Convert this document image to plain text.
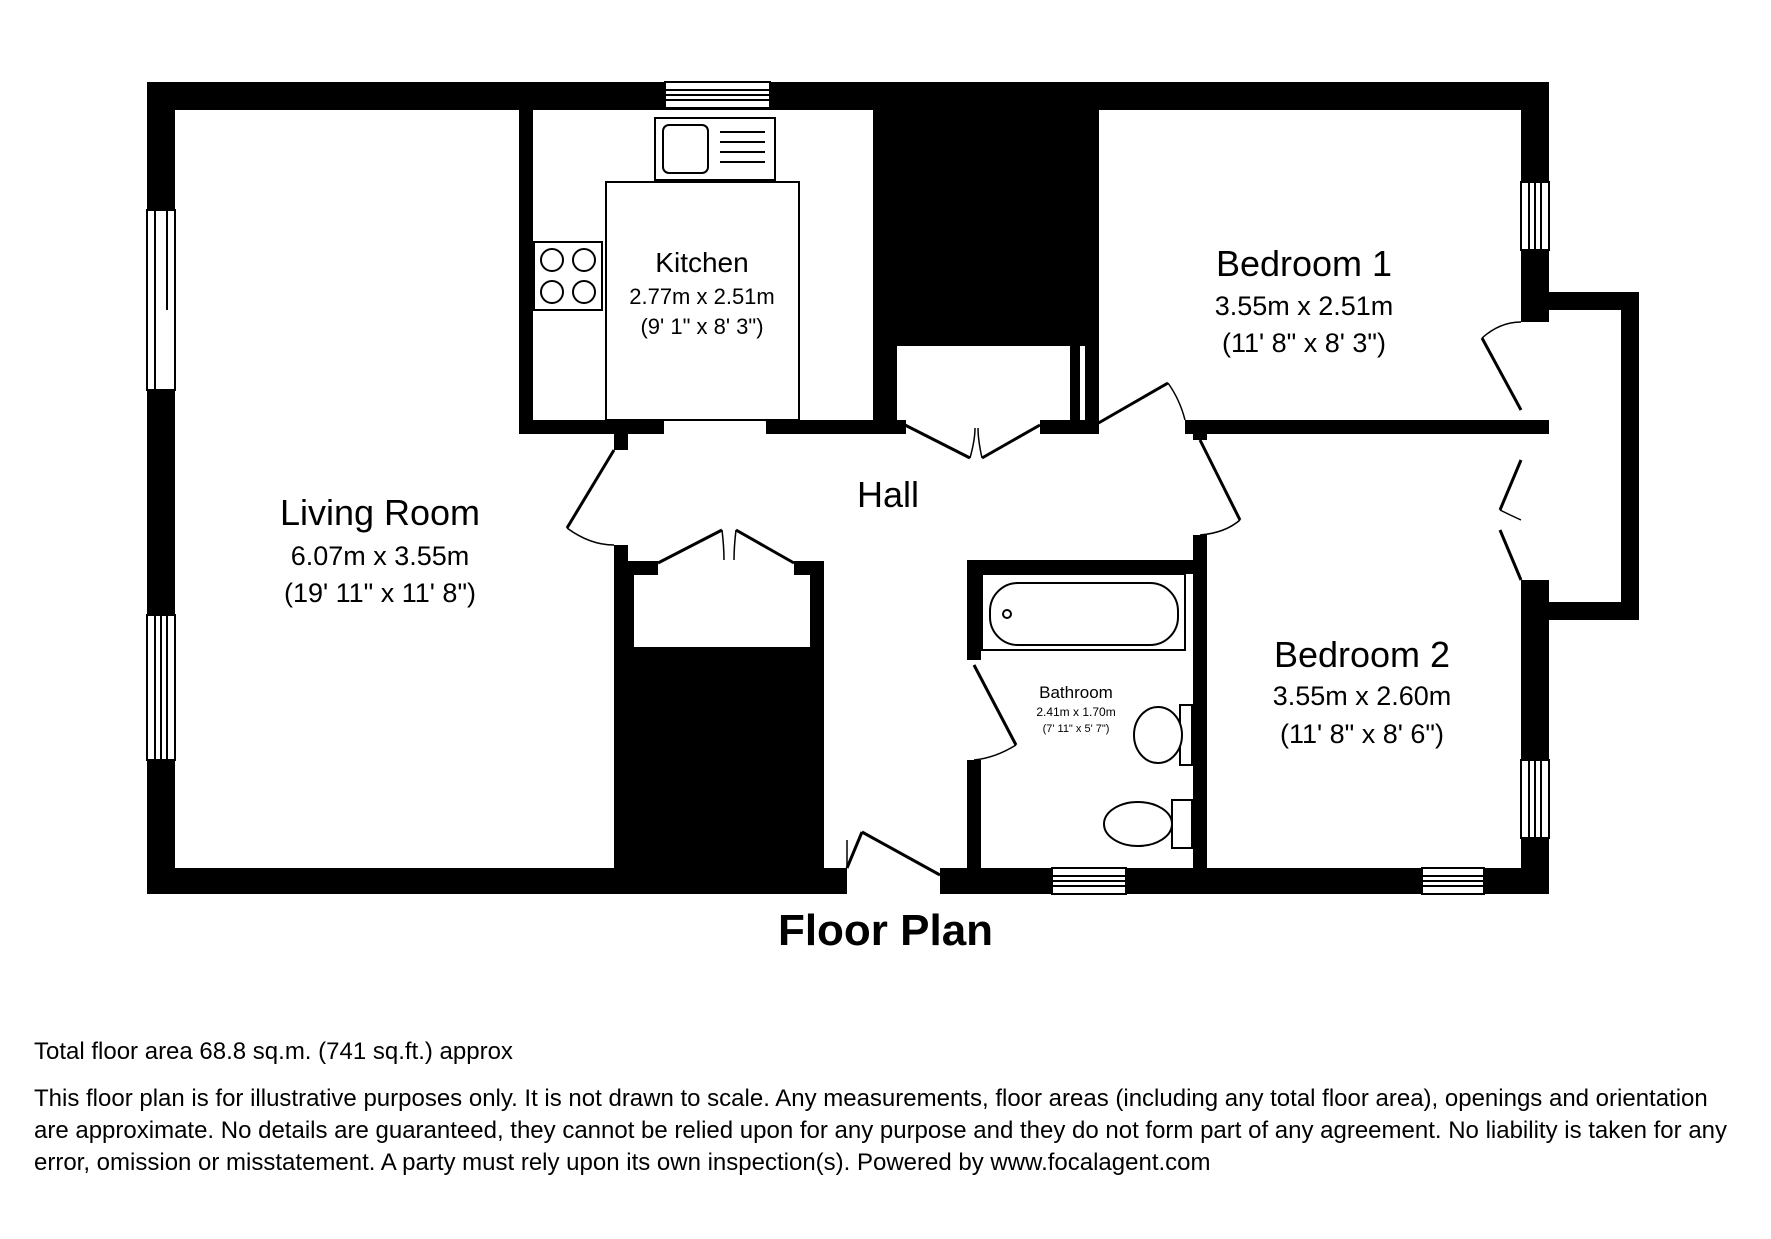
Living Room
6.07m x 3.55m
(19' 11" x 11' 8")
Kitchen
2.77m x 2.51m
(9' 1" x 8' 3")
Bedroom 1
3.55m x 2.51m
(11' 8" x 8' 3")
Bedroom 2
3.55m x 2.60m
(11' 8" x 8' 6")
Hall
Bathroom
2.41m x 1.70m
(7' 11" x 5' 7")
Floor Plan
Total floor area 68.8 sq.m. (741 sq.ft.) approx
This floor plan is for illustrative purposes only. It is not drawn to scale. Any measurements, floor areas (including any total floor area), openings and orientation are approximate. No details are guaranteed, they cannot be relied upon for any purpose and they do not form part of any agreement. No liability is taken for any error, omission or misstatement. A party must rely upon its own inspection(s). Powered by www.focalagent.com
